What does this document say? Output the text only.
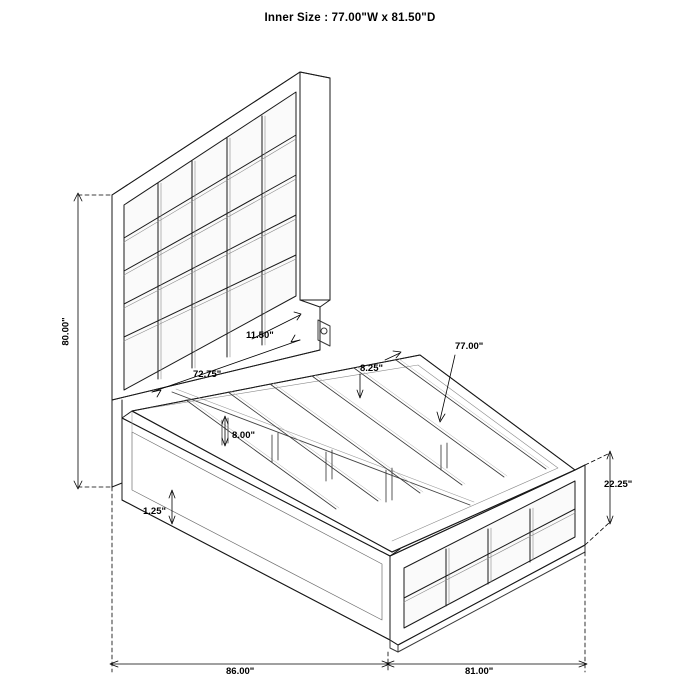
Inner Size : 77.00"W x 81.50"D
80.00"	11.50"
72.75"
8.25"
77.00"
8.00"
1.25"
22.25"
86.00"	81.00"
